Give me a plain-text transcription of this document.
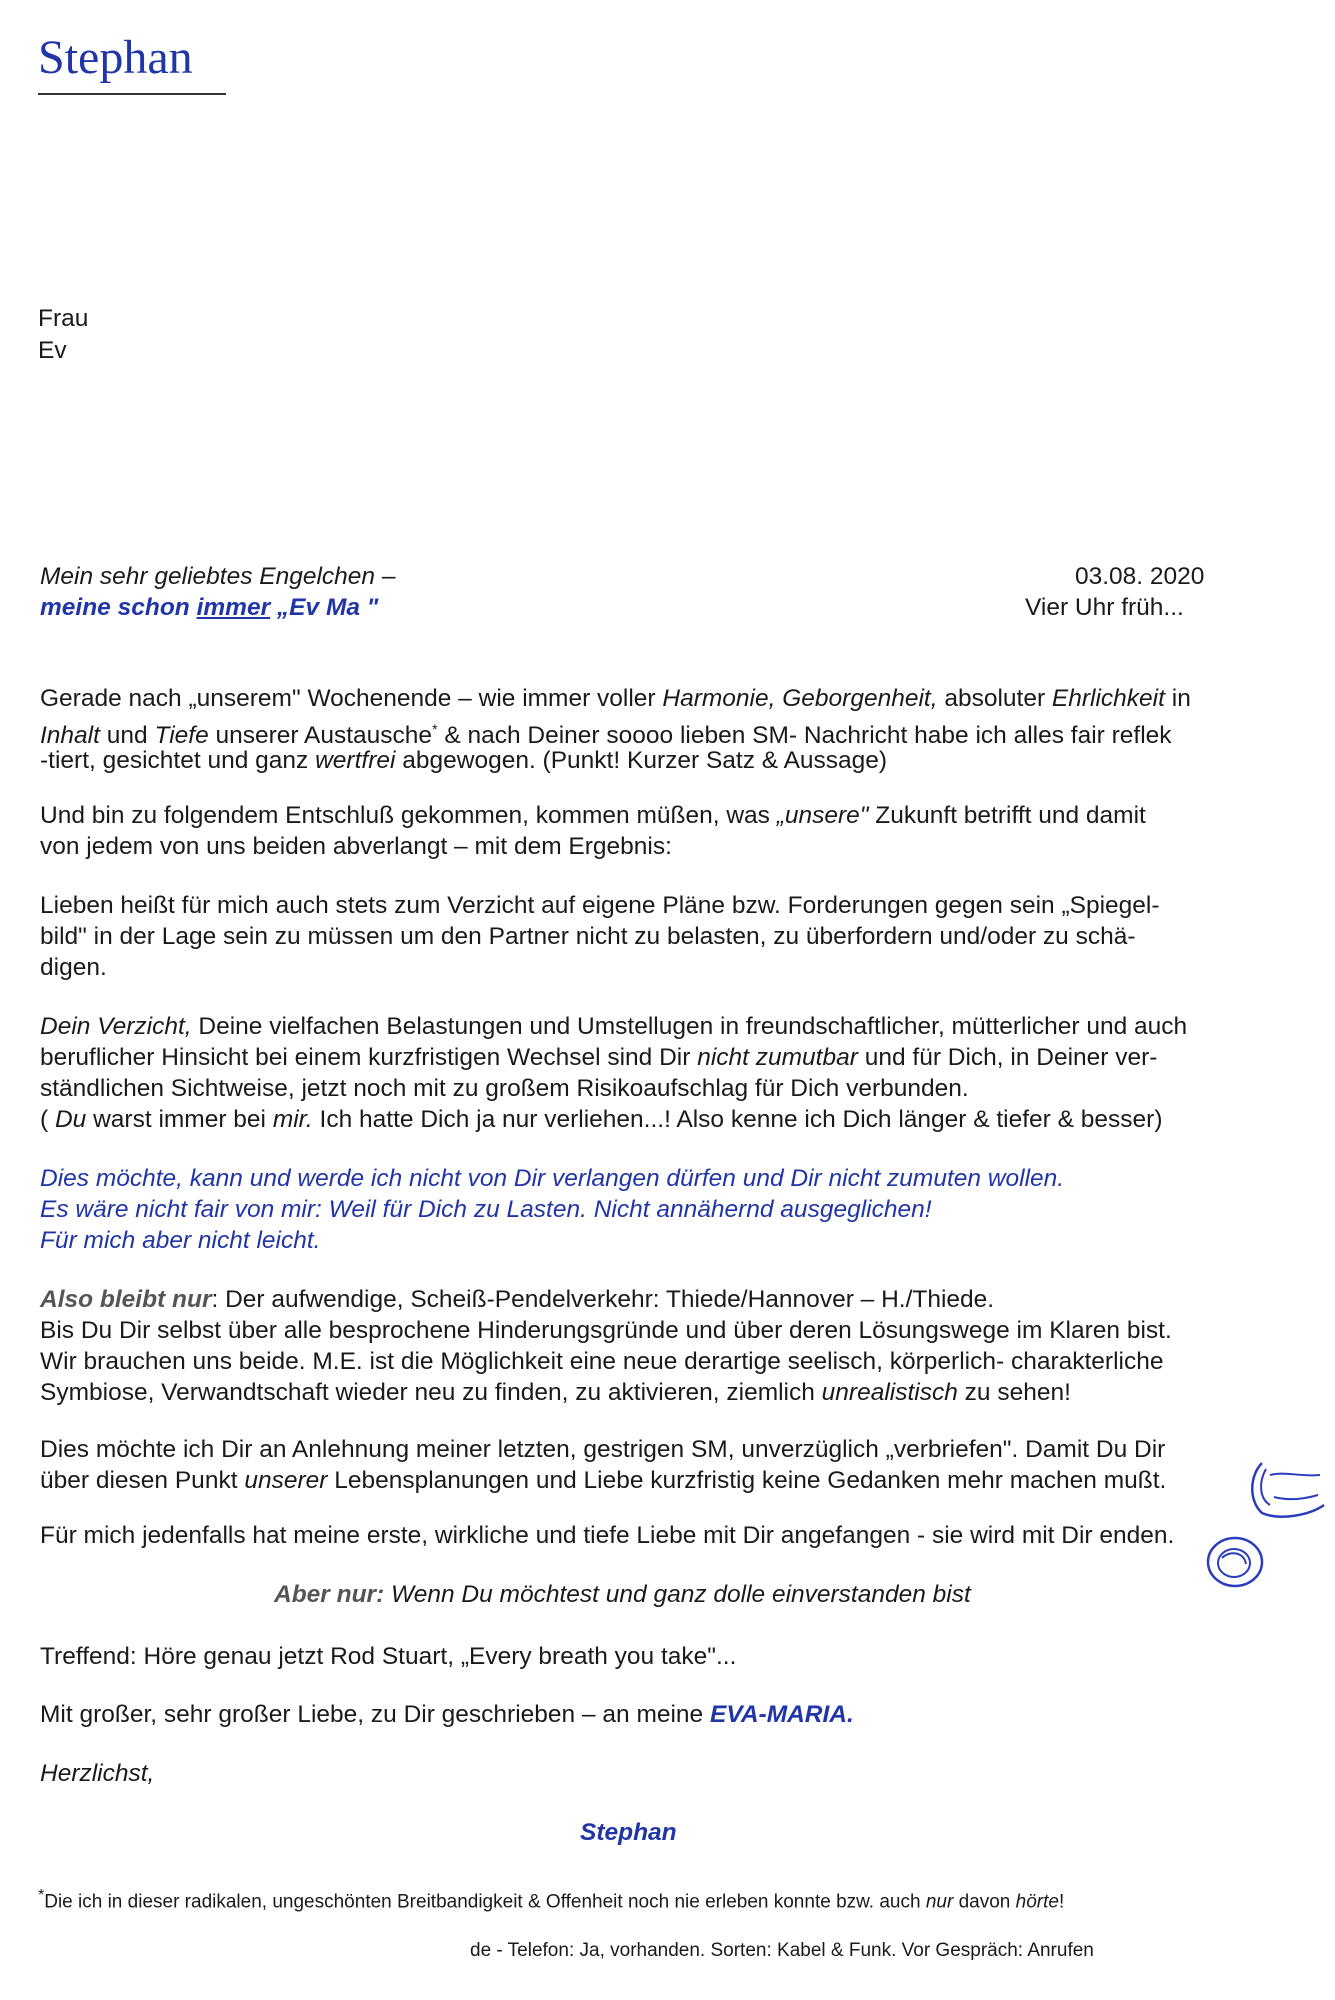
Stephan
Frau
Ev
Mein sehr geliebtes Engelchen –
meine schon immer „Ev Ma "
03.08. 2020
Vier Uhr früh...
Gerade nach „unserem" Wochenende – wie immer voller Harmonie, Geborgenheit, absoluter Ehrlichkeit in
Inhalt und Tiefe unserer Austausche* & nach Deiner soooo lieben SM- Nachricht habe ich alles fair reflek
-tiert, gesichtet und ganz wertfrei abgewogen. (Punkt! Kurzer Satz & Aussage)
Und bin zu folgendem Entschluß gekommen, kommen müßen, was „unsere" Zukunft betrifft und damit
von jedem von uns beiden abverlangt – mit dem Ergebnis:
Lieben heißt für mich auch stets zum Verzicht auf eigene Pläne bzw. Forderungen gegen sein „Spiegel-
bild" in der Lage sein zu müssen um den Partner nicht zu belasten, zu überfordern und/oder zu schä-
digen.
Dein Verzicht, Deine vielfachen Belastungen und Umstellugen in freundschaftlicher, mütterlicher und auch
beruflicher Hinsicht bei einem kurzfristigen Wechsel sind Dir nicht zumutbar und für Dich, in Deiner ver-
ständlichen Sichtweise, jetzt noch mit zu großem Risikoaufschlag für Dich verbunden.
( Du warst immer bei mir. Ich hatte Dich ja nur verliehen...! Also kenne ich Dich länger & tiefer & besser)
Dies möchte, kann und werde ich nicht von Dir verlangen dürfen und Dir nicht zumuten wollen.
Es wäre nicht fair von mir: Weil für Dich zu Lasten. Nicht annähernd ausgeglichen!
Für mich aber nicht leicht.
Also bleibt nur: Der aufwendige, Scheiß-Pendelverkehr: Thiede/Hannover – H./Thiede.
Bis Du Dir selbst über alle besprochene Hinderungsgründe und über deren Lösungswege im Klaren bist.
Wir brauchen uns beide. M.E. ist die Möglichkeit eine neue derartige seelisch, körperlich- charakterliche
Symbiose, Verwandtschaft wieder neu zu finden, zu aktivieren, ziemlich unrealistisch zu sehen!
Dies möchte ich Dir an Anlehnung meiner letzten, gestrigen SM, unverzüglich „verbriefen". Damit Du Dir
über diesen Punkt unserer Lebensplanungen und Liebe kurzfristig keine Gedanken mehr machen mußt.
Für mich jedenfalls hat meine erste, wirkliche und tiefe Liebe mit Dir angefangen - sie wird mit Dir enden.
Aber nur: Wenn Du möchtest und ganz dolle einverstanden bist
Treffend: Höre genau jetzt Rod Stuart, „Every breath you take"...
Mit großer, sehr großer Liebe, zu Dir geschrieben – an meine EVA-MARIA.
Herzlichst,
Stephan
*Die ich in dieser radikalen, ungeschönten Breitbandigkeit & Offenheit noch nie erleben konnte bzw. auch nur davon hörte!
de - Telefon: Ja, vorhanden. Sorten: Kabel & Funk. Vor Gespräch: Anrufen
